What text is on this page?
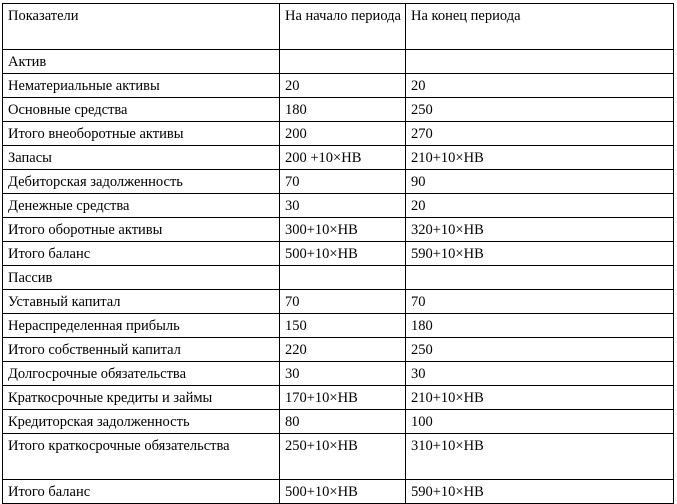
Показатели	На начало периода	На конец периода
Актив		
Нематериальные активы	20	20
Основные средства	180	250
Итого внеоборотные активы	200	270
Запасы	200 +10×НВ	210+10×НВ
Дебиторская задолженность	70	90
Денежные средства	30	20
Итого оборотные активы	300+10×НВ	320+10×НВ
Итого баланс	500+10×НВ	590+10×НВ
Пассив		
Уставный капитал	70	70
Нераспределенная прибыль	150	180
Итого собственный капитал	220	250
Долгосрочные обязательства	30	30
Краткосрочные кредиты и займы	170+10×НВ	210+10×НВ
Кредиторская задолженность	80	100
Итого краткосрочные обязательства	250+10×НВ	310+10×НВ
Итого баланс	500+10×НВ	590+10×НВ
